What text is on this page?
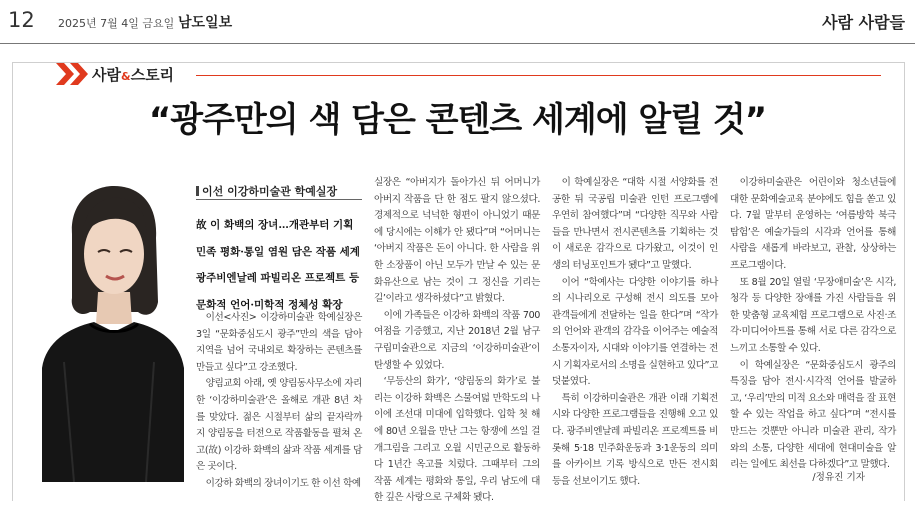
12 2025년 7월 4일 금요일 남도일보	사람 사람들
사람&스토리
“광주만의 색 담은 콘텐츠 세계에 알릴 것”
이선 이강하미술관 학예실장
故 이 화백의 장녀…개관부터 기획
민족 평화·통일 염원 담은 작품 세계
광주비엔날레 파빌리온 프로젝트 등
문화적 언어·미학적 정체성 확장

이선<사진> 이강하미술관 학예실장은 3일 “문화중심도시 광주”만의 색을 담아 지역을 넘어 국내외로 확장하는 콘텐츠를 만들고 싶다”고 강조했다.

양림교회 아래, 옛 양림동사무소에 자리한 ‘이강하미술관’은 올해로 개관 8년 차를 맞았다. 젊은 시절부터 삶의 끝자락까지 양림동을 터전으로 작품활동을 펼쳐 온 고(故) 이강하 화백의 삶과 작품 세계를 담은 곳이다.

이강하 화백의 장녀이기도 한 이선 학예

실장은 “아버지가 돌아가신 뒤 어머니가 아버지 작품을 단 한 점도 팔지 않으셨다. 경제적으로 넉넉한 형편이 아니었기 때문에 당시에는 이해가 안 됐다”며 “어머니는 ‘아버지 작품은 돈이 아니다. 한 사람을 위한 소장품이 아닌 모두가 만날 수 있는 문화유산으로 남는 것이 그 정신을 기리는 길’이라고 생각하셨다”고 밝혔다.

이에 가족들은 이강하 화백의 작품 700여점을 기증했고, 지난 2018년 2월 남구 구립미술관으로 지금의 ‘이강하미술관’이 탄생할 수 있었다.

‘무등산의 화가’, ‘양림동의 화가’로 불리는 이강하 화백은 스물여덟 만학도의 나이에 조선대 미대에 입학했다. 입학 첫 해에 80년 오월을 만난 그는 항쟁에 쓰일 걸개그림을 그리고 오월 시민군으로 활동하다 1년간 옥고를 치렀다. 그때부터 그의 작품 세계는 평화와 통일, 우리 남도에 대한 깊은 사랑으로 구체화 됐다.

이 학예실장은 “대학 시절 서양화를 전공한 뒤 국공립 미술관 인턴 프로그램에 우연히 참여했다”며 “다양한 직무와 사람들을 만나면서 전시콘텐츠를 기획하는 것이 새로운 감각으로 다가왔고, 이것이 인생의 터닝포인트가 됐다”고 말했다.

이어 “학예사는 다양한 이야기를 하나의 시나리오로 구성해 전시 의도를 모아 관객들에게 전달하는 일을 한다”며 “작가의 언어와 관객의 감각을 이어주는 예술적 소통자이자, 시대와 이야기를 연결하는 전시 기획자로서의 소명을 실현하고 있다”고 덧붙였다.

특히 이강하미술관은 개관 이래 기획전시와 다양한 프로그램들을 진행해 오고 있다. 광주비엔날레 파빌리온 프로젝트를 비롯해 5·18 민주화운동과 3·1운동의 의미를 아카이브 기록 방식으로 만든 전시회 등을 선보이기도 했다.

이강하미술관은 어린이와 청소년들에 대한 문화예술교육 분야에도 힘을 쏟고 있다. 7월 말부터 운영하는 ‘여름방학 북극탐험’은 예술가들의 시각과 언어를 통해 사람을 새롭게 바라보고, 관찰, 상상하는 프로그램이다.

또 8월 20일 열릴 ‘무장애미술’은 시각, 청각 등 다양한 장애를 가진 사람들을 위한 맞춤형 교육체험 프로그램으로 사진·조각·미디어아트를 통해 서로 다른 감각으로 느끼고 소통할 수 있다.

이 학예실장은 “문화중심도시 광주의 특징을 담아 전시·시각적 언어를 발굴하고, ‘우리’만의 미적 요소와 매력을 잘 표현할 수 있는 작업을 하고 싶다”며 “전시를 만드는 것뿐만 아니라 미술관 관리, 작가와의 소통, 다양한 세대에 현대미술을 알리는 일에도 최선을 다하겠다”고 말했다.

/정유진 기자
